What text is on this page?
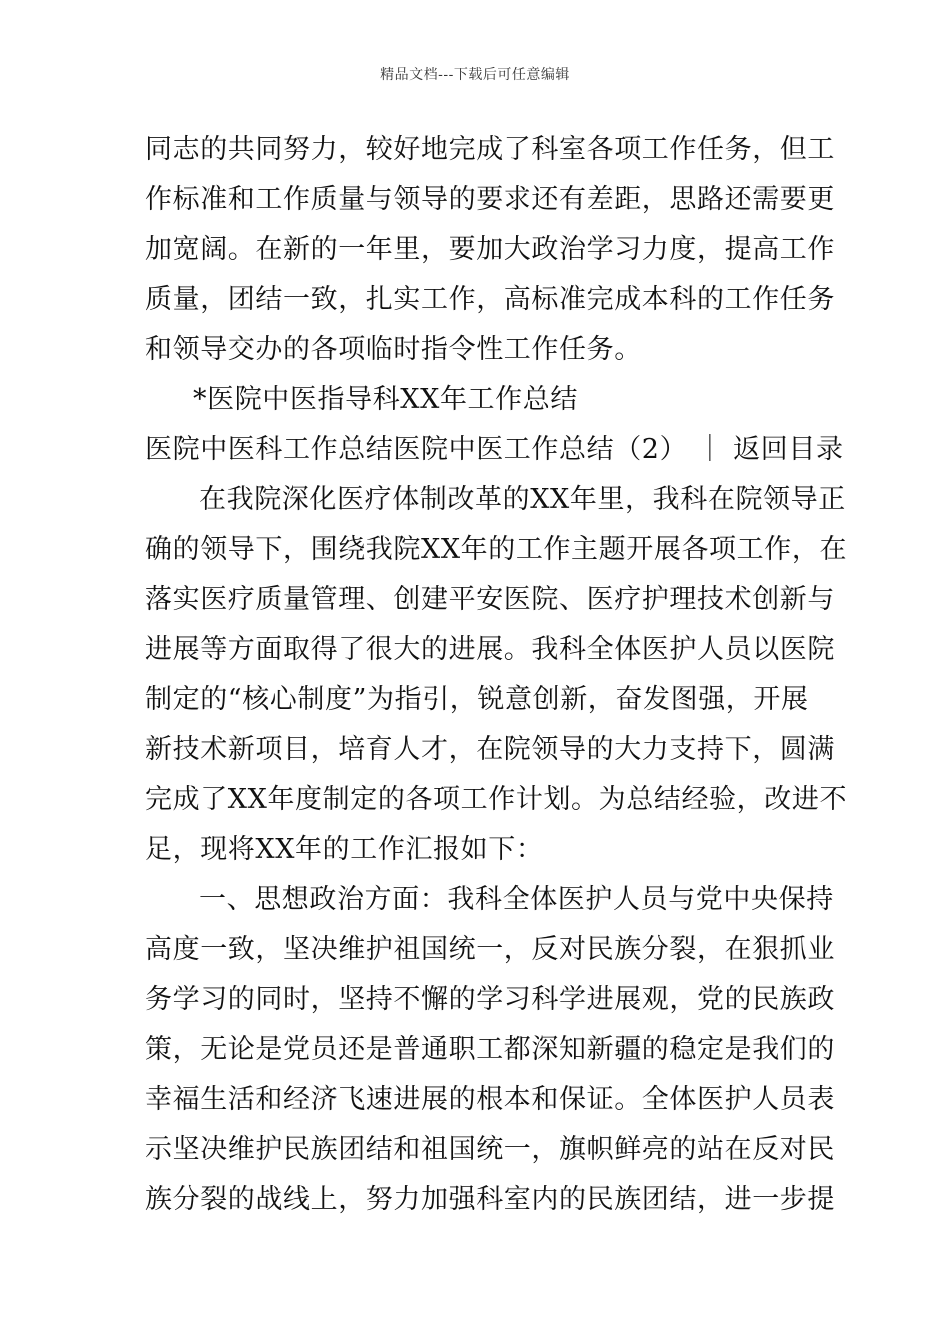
精品文档---下载后可任意编辑
同志的共同努力，较好地完成了科室各项工作任务，但工
作标准和工作质量与领导的要求还有差距，思路还需要更
加宽阔。在新的一年里，要加大政治学习力度，提高工作
质量，团结一致，扎实工作，高标准完成本科的工作任务
和领导交办的各项临时指令性工作任务。
*医院中医指导科XX年工作总结
医院中医科工作总结医院中医工作总结（2） ｜ 返回目录
在我院深化医疗体制改革的XX年里，我科在院领导正
确的领导下，围绕我院XX年的工作主题开展各项工作，在
落实医疗质量管理、创建平安医院、医疗护理技术创新与
进展等方面取得了很大的进展。我科全体医护人员以医院
制定的“核心制度”为指引，锐意创新，奋发图强，开展
新技术新项目，培育人才，在院领导的大力支持下，圆满
完成了XX年度制定的各项工作计划。为总结经验，改进不
足，现将XX年的工作汇报如下：
一、思想政治方面：我科全体医护人员与党中央保持
高度一致，坚决维护祖国统一，反对民族分裂，在狠抓业
务学习的同时，坚持不懈的学习科学进展观，党的民族政
策，无论是党员还是普通职工都深知新疆的稳定是我们的
幸福生活和经济飞速进展的根本和保证。全体医护人员表
示坚决维护民族团结和祖国统一，旗帜鲜亮的站在反对民
族分裂的战线上，努力加强科室内的民族团结，进一步提
